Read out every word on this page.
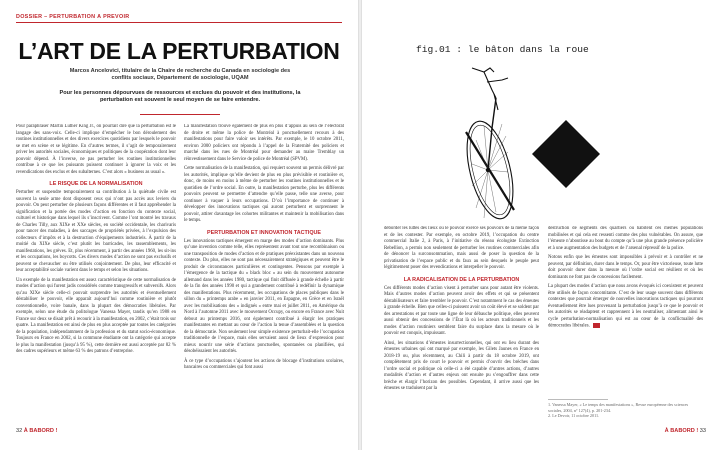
DOSSIER – PERTURBATION À PRÉVOIR
L’ART DE LA PERTURBATION
Marcos Ancelovici, titulaire de la Chaire de recherche du Canada en sociologie des conflits sociaux, Département de sociologie, UQAM
Pour les personnes dépourvues de ressources et exclues du pouvoir et des institutions, la perturbation est souvent le seul moyen de se faire entendre.

Pour paraphraser Martin Luther King Jr., on pourrait dire que la perturbation est le langage des sans-voix. Celle-ci implique d’empêcher le bon déroulement des routines institutionnelles et des divers exercices quotidiens par lesquels le pouvoir se met en scène et se légitime. En d’autres termes, il s’agit de temporairement priver les autorités sociales, économiques et politiques de la coopération dont leur pouvoir dépend. À l’inverse, ne pas perturber les routines institutionnelles contribue à ce que les puissants puissent continuer à ignorer la voix et les revendications des exclus et des subalternes. C’est alors « business as usual ».

LE RISQUE DE LA NORMALISATION

Perturber et suspendre temporairement sa contribution à la quiétude civile est souvent la seule arme dont disposent ceux qui n’ont pas accès aux leviers du pouvoir. On peut perturber de plusieurs façons différentes et il faut appréhender la signification et la portée des modes d’action en fonction du contexte social, culturel et historique dans lequel ils s’inscrivent. Comme l’ont montré les travaux de Charles Tilly, aux XIXe et XXe siècles, en société occidentale, les charivaris pour tancer des maladies, à des saccages de propriétés privées, à l’expulsion des collecteurs d’impôts et à la destruction d’équipements industriels. À partir de la moitié du XIXe siècle, c’est plutôt les barricades, les rassemblements, les manifestations, les grèves. Et, plus récemment, à partir des années 1960, les sit-ins et les occupations, les boycotts. Ces divers modes d’action ne sont pas exclusifs et peuvent se chevaucher ou être utilisés conjointement. De plus, leur efficacité et leur acceptabilité sociale varient dans le temps et selon les situations.

Un exemple de la manifestation est assez caractéristique de cette normalisation de modes d’action qui furent jadis considérés comme transgressifs et subversifs. Alors qu’au XIXe siècle celle-ci pouvait surprendre les autorités et éventuellement déstabiliser le pouvoir, elle apparaît aujourd’hui comme routinière et plutôt conventionnelle, voire banale, dans la plupart des démocraties libérales. Par exemple, selon une étude du politologue Vanessa Mayer, tandis qu’en 1988 en France sur deux se disait prêt à recourir à la manifestation, en 2002, c’était trois sur quatre. La manifestation est ainsi de plus en plus acceptée par toutes les catégories de la population, indépendamment de la profession et du statut socio-économique. Toujours en France en 2002, si la commune étudiante ont la catégorie qui accepte le plus la manifestation (jusqu’à 95 %), cette dernière est aussi acceptée par 82 % des cadres supérieurs et même 63 % des patrons d’entreprise.

La manifestation trouve également de plus en plus d’appuis au sein de l’électorat de droite et même la police de Montréal à ponctuellement recours à des manifestations pour faire valoir ses intérêts. Par exemple, le 10 octobre 2011, environ 2000 policiers ont répondu à l’appel de la Fraternité des policiers et marché dans les rues de Montréal pour demander au maire Tremblay un réinvestissement dans le Service de police de Montréal (SPVM).

Cette normalisation de la manifestation, qui requiert souvent un permis délivré par les autorités, implique qu’elle devient de plus en plus prévisible et routinière et, donc, de moins en moins à même de perturber les routines institutionnelles et le quotidien de l’ordre social. En outre, la manifestation perturbe, plus les différents pouvoirs peuvent se permettre d’attendre qu’elle passe, telle une averse, pour continuer à vaquer à leurs occupations. D’où l’importance de continuer à développer des innovations tactiques qui auront perturbent et surprennent le pouvoir, attirer davantage les cohortes militantes et maintenir la mobilisation dans le temps.

PERTURBATION ET INNOVATION TACTIQUE

Les innovations tactiques émergent en marge des modes d’action dominants. Plus qu’une invention comme telle, elles représentent avant tout une recombinaison ou une transposition de modes d’action et de pratiques préexistantes dans un nouveau contexte. Du plus, elles ne sont pas nécessairement stratégiques et peuvent être le produit de circonstances particulières et contingentes. Pensons par exemple à l’émergence de la tactique du « black bloc » au sein du mouvement autonome allemand dans les années 1980, tactique qui finit diffusée à grande échelle à partir de la fin des années 1990 et qui a grandement contribué à redéfinir la dynamique des manifestations. Plus récemment, les occupations de places publiques dans le sillon du « printemps arabe » en janvier 2011, en Espagne, en Grèce et en Israël avec les mobilisations des « indignés » entre mai et juillet 2011, en Amérique du Nord à l’automne 2011 avec le mouvement Occupy, ou encore en France avec Nuit debout au printemps 2016, ont également contribué à élargir les pratiques manifestantes en mettant au cœur de l’action la tenue d’assemblées et la question de la démocratie. Non seulement leur simple existence perturbait-elle l’occupation traditionnelle de l’espace, mais elles servaient aussi de lieux d’expression pour mieux nourrir une série d’actions ponctuelles, spontanées ou planifiées, qui désobéissaient les autorités.

À ce type d’occupations s’ajoutent les actions de blocage d’institutions scolaires, bancaires ou commerciales qui font aussi

32 À BABORD !
fig.01 : le bâton dans la roue

déborder les luttes des lieux où le pouvoir exerce ses pouvoirs de la même façon et de les contester. Par exemple, en octobre 2019, l’occupation du centre commercial Italie 2, à Paris, à l’initiative du réseau écologiste Extinction Rebellion, a permis non seulement de perturber les routines commerciales afin de dénoncer la surconsommation, mais aussi de poser la question de la privatisation de l’espace public et du faux au sein desquels le peuple peut légitimement poser des revendications et interpeller le pouvoir.

LA RADICALISATION DE LA PERTURBATION

Ces différents modes d’action visent à perturber sans pour autant être violents. Mais d’autres modes d’action peuvent avoir des effets et qui se présentent déstabilisateurs et faire trembler le pouvoir. C’est notamment le cas des émeutes à grande échelle. Bien que celles-ci puissent avoir un coût élevé et se soldent par des arrestations et par toute une ligne de leur débauche politique, elles peuvent aussi obtenir des concessions de l’État là où les acteurs traditionnels et les modes d’action routiniers semblent faire du surplace dans la mesure où le pouvoir est conquis, impuissant.

Ainsi, les situations d’émeutes insurrectionnelles, qui ont eu lieu durant des émeutes urbaines qui ont marqué par exemple, les Gilets Jaunes en France en 2018-19 ou, plus récemment, au Chili à partir du 18 octobre 2019, ont complètement pris de court le pouvoir et permis d’ouvrir des brèches dans l’ordre social et politique où celle-ci a été capable d’antres actions, d’autres modalités d’action et d’autres enjeux ont ensuite pu s’engouffrer dans cette brèche et élargir l’horizon des possibles. Cependant, il arrive aussi que les émeutes se traduisent par la

destruction de segments des quartiers où habitent ces mêmes populations mobilisées et qui cela est ressenti comme des plus vulnérables. On assure, que l’émeute n’aboutisse au bout du compte qu’à une plus grande présence policière et à une augmentation des budgets et de l’arsenal répressif de la police.

Notons enfin que les émeutes sont impossibles à prévoir et à contrôler et ne peuvent, par définition, durer dans le temps. Or, pour être victorieuse, toute lutte doit pouvoir durer dans la mesure où l’ordre social est résilient et où les dominants ne font pas de concessions facilement.

La plupart des modes d’action que nous avons évoqués ici coexistent et peuvent être utilisés de façon concomitante. C’est de leur usage souvent dans différents contextes que pourrait émerger de nouvelles innovations tactiques qui pourront éventuellement être lues provenant la perturbation jusqu’à ce que le pouvoir et les autorités se réadaptent et rapprennent à les neutraliser, alimentant ainsi le cycle perturbation-normalisation qui est au cœur de la conflictualité des démocraties libérales.

1. Vanessa Mayer, « Le temps des manifestations », Revue européenne des sciences sociales, 2004, n° 127(4), p. 201-234.
2. Le Devoir, 11 octobre 2011.
À BABORD ! 33
